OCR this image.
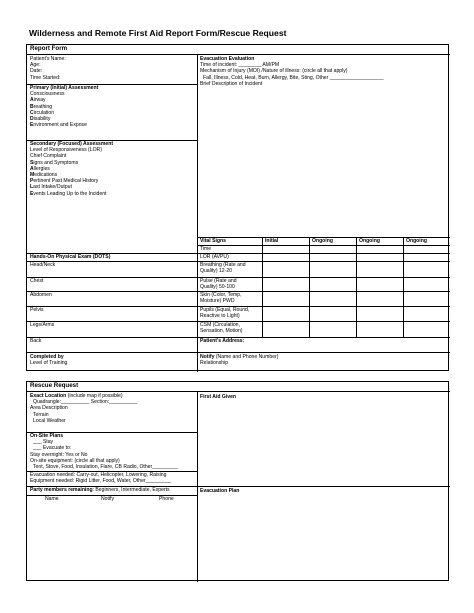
Wilderness and Remote First Aid Report Form/Rescue Request
Report Form
Patient's Name:
Age:
Date:
Time Started:
Primary (Initial) Assessment
Consciousness
Airway
Breathing
Circulation
Disability
Environment and Expose
Secondary (Focused) Assessment
Level of Responsiveness (LOR)
Chief Complaint
Signs and Symptoms
Allergies
Medications
Pertinent Past Medical History
Last Intake/Output
Events Leading Up to the Incident
Evacuation Evaluation
Time of incident: ________ AM/PM
Mechanism of Injury (MOI) /Nature of illness: (circle all that apply)
Fall, Illness, Cold, Heat, Burn, Allergy, Bite, Sting, Other ___________________
Brief Description of Incident
Vital Signs	Initial	Ongoing	Ongoing	Ongoing
Time
Hands-On Physical Exam (DOTS)	LOR (AVPU)
Head/Neck	Breathing (Rate and
Quality) 12-20
Chest	Pulse (Rate and
Quality) 50-100
Abdomen	Skin (Color, Temp,
Moisture) PWD
Pelvis	Pupils (Equal, Round,
Reactive to Light)
Legs/Arms	CSM (Circulation,
Sensation, Motion)
Back	Patient's Address:
Completed by
Level of Training
Notify (Name and Phone Number)
Relationship
Rescue Request
Exact Location (include map if possible)
Quadrangle:__________ Section:__________
Area Description
Terrain
Local Weather
On-Site Plans
___ Stay
___ Evacuate to:
Stay overnight: Yes or No
On-site equipment: (circle all that apply)
Tent, Stove, Food, Insulation, Flare, CB Radio, Other_________
Evacuation needed: Carry-out, Helicopter, Lowering, Raising
Equipment needed: Rigid Litter, Food, Water, Other_________
Party members remaining: Beginners, Intermediate, Experts
Name	Notify	Phone
First Aid Given
Evacuation Plan
